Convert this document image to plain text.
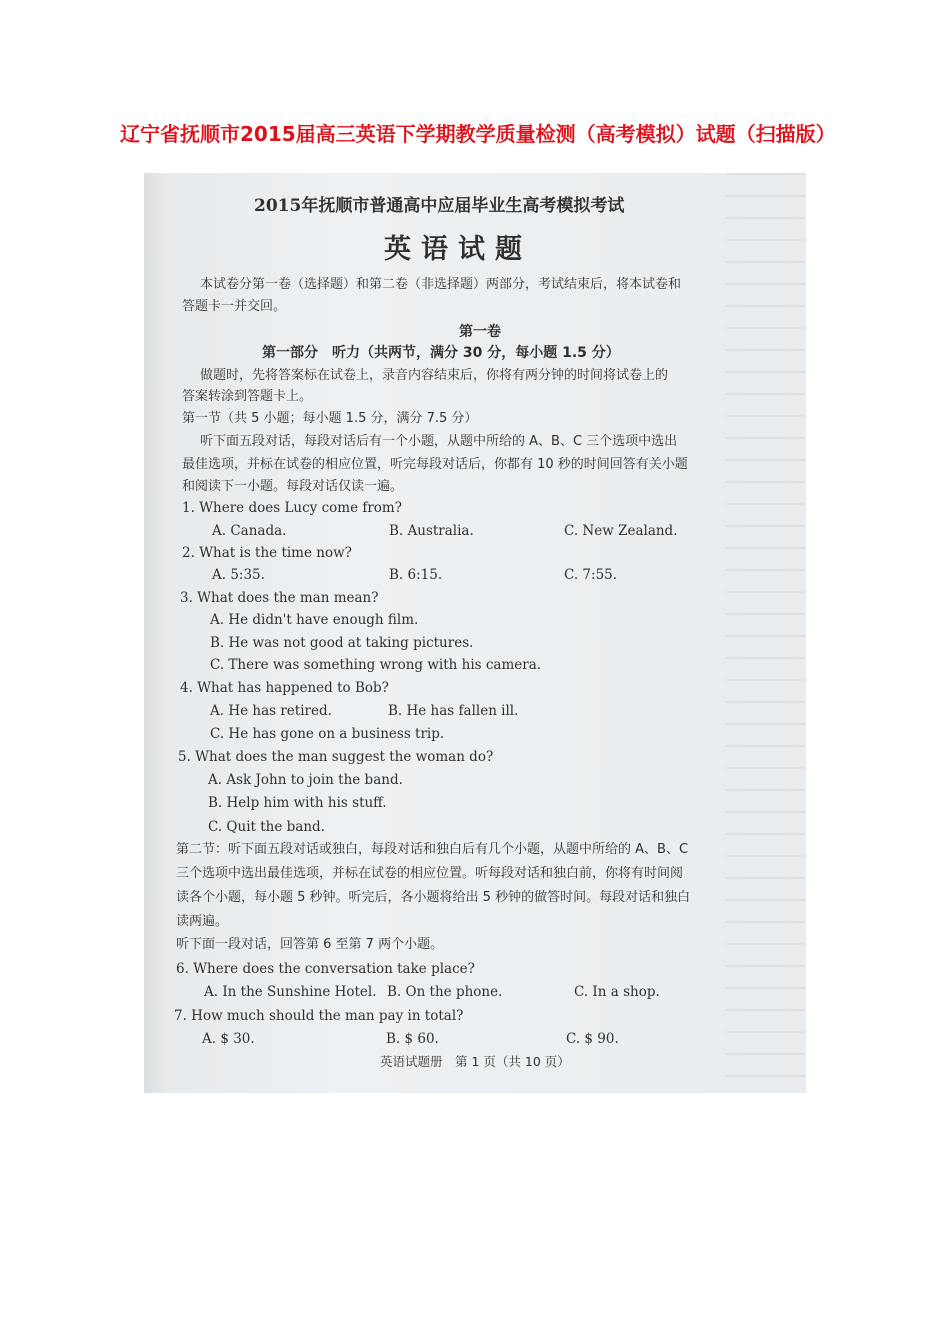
辽宁省抚顺市2015届高三英语下学期教学质量检测（高考模拟）试题（扫描版）
2015年抚顺市普通高中应届毕业生高考模拟考试
英语试题
本试卷分第一卷（选择题）和第二卷（非选择题）两部分，考试结束后，将本试卷和
答题卡一并交回。
第一卷
第一部分　听力（共两节，满分 30 分，每小题 1.5 分）
做题时，先将答案标在试卷上，录音内容结束后，你将有两分钟的时间将试卷上的
答案转涂到答题卡上。
第一节（共 5 小题；每小题 1.5 分，满分 7.5 分）
听下面五段对话，每段对话后有一个小题，从题中所给的 A、B、C 三个选项中选出
最佳选项，并标在试卷的相应位置，听完每段对话后，你都有 10 秒的时间回答有关小题
和阅读下一小题。每段对话仅读一遍。
1. Where does Lucy come from?
A. Canada.	B. Australia.	C. New Zealand.
2. What is the time now?
A. 5:35.	B. 6:15.	C. 7:55.
3. What does the man mean?
A. He didn't have enough film.
B. He was not good at taking pictures.
C. There was something wrong with his camera.
4. What has happened to Bob?
A. He has retired.	B. He has fallen ill.
C. He has gone on a business trip.
5. What does the man suggest the woman do?
A. Ask John to join the band.
B. Help him with his stuff.
C. Quit the band.
第二节：听下面五段对话或独白，每段对话和独白后有几个小题，从题中所给的 A、B、C
三个选项中选出最佳选项，并标在试卷的相应位置。听每段对话和独白前，你将有时间阅
读各个小题，每小题 5 秒钟。听完后，各小题将给出 5 秒钟的做答时间。每段对话和独白
读两遍。
听下面一段对话，回答第 6 至第 7 两个小题。
6. Where does the conversation take place?
A. In the Sunshine Hotel. B. On the phone.	C. In a shop.
7. How much should the man pay in total?
A. $ 30.	B. $ 60.	C. $ 90.
英语试题册　第 1 页（共 10 页）
